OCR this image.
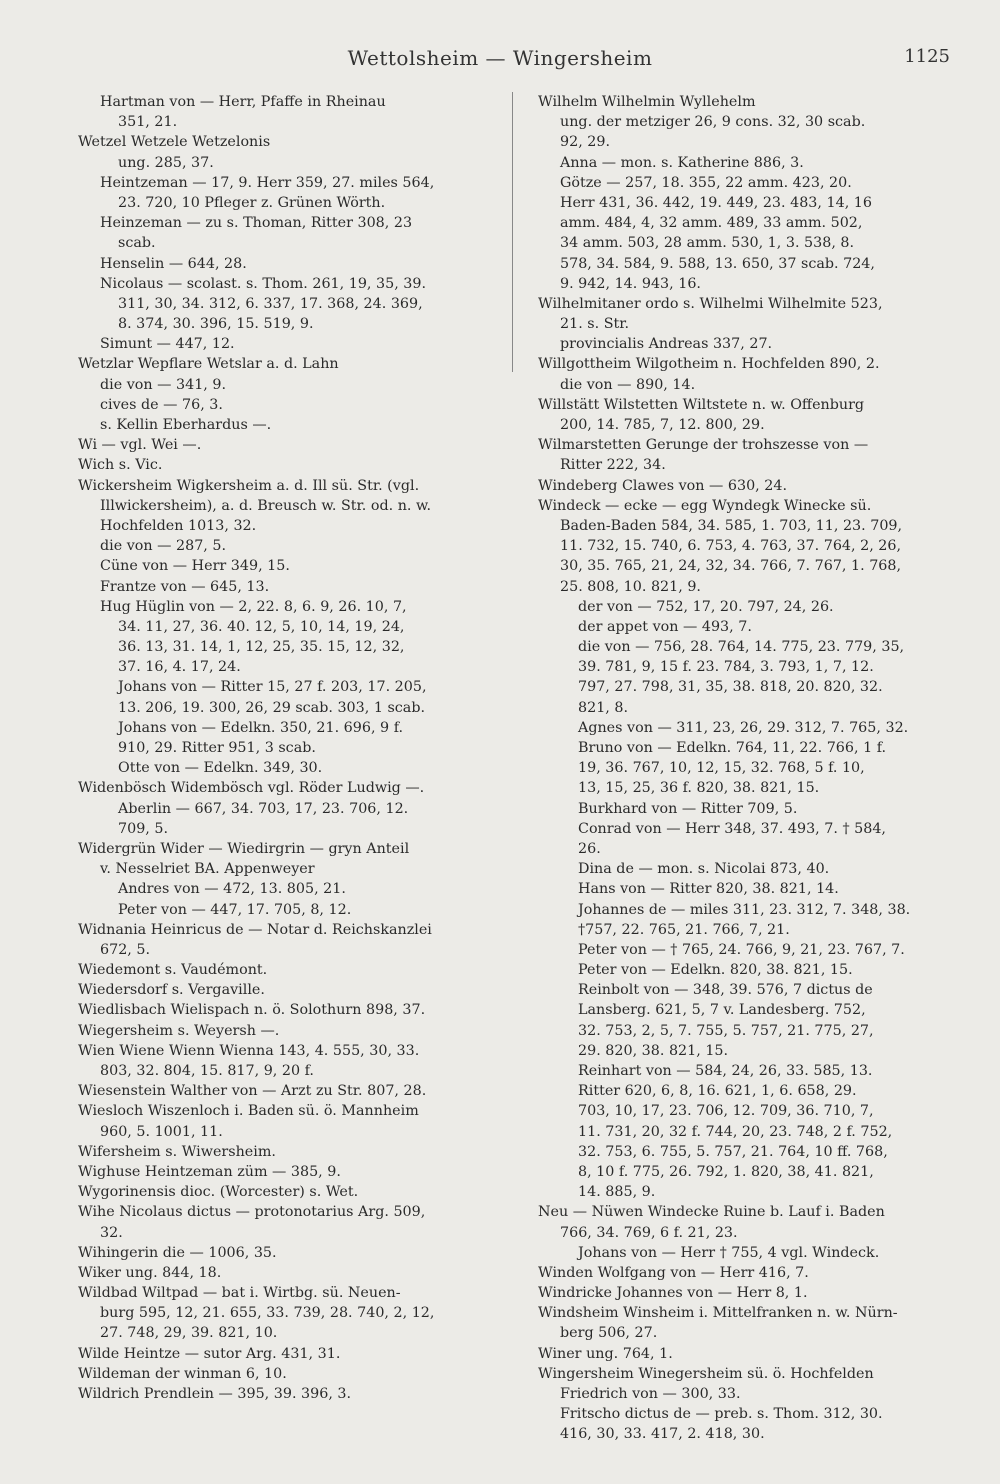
Wettolsheim — Wingersheim	1125
Hartman von — Herr, Pfaffe in Rheinau
351, 21.
Wetzel Wetzele Wetzelonis
ung. 285, 37.
Heintzeman — 17, 9. Herr 359, 27. miles 564,
23. 720, 10 Pfleger z. Grünen Wörth.
Heinzeman — zu s. Thoman, Ritter 308, 23
scab.
Henselin — 644, 28.
Nicolaus — scolast. s. Thom. 261, 19, 35, 39.
311, 30, 34. 312, 6. 337, 17. 368, 24. 369,
8. 374, 30. 396, 15. 519, 9.
Simunt — 447, 12.
Wetzlar Wepflare Wetslar a. d. Lahn
die von — 341, 9.
cives de — 76, 3.
s. Kellin Eberhardus —.
Wi — vgl. Wei —.
Wich s. Vic.
Wickersheim Wigkersheim a. d. Ill sü. Str. (vgl.
Illwickersheim), a. d. Breusch w. Str. od. n. w.
Hochfelden 1013, 32.
die von — 287, 5.
Cüne von — Herr 349, 15.
Frantze von — 645, 13.
Hug Hüglin von — 2, 22. 8, 6. 9, 26. 10, 7,
34. 11, 27, 36. 40. 12, 5, 10, 14, 19, 24,
36. 13, 31. 14, 1, 12, 25, 35. 15, 12, 32,
37. 16, 4. 17, 24.
Johans von — Ritter 15, 27 f. 203, 17. 205,
13. 206, 19. 300, 26, 29 scab. 303, 1 scab.
Johans von — Edelkn. 350, 21. 696, 9 f.
910, 29. Ritter 951, 3 scab.
Otte von — Edelkn. 349, 30.
Widenbösch Widembösch vgl. Röder Ludwig —.
Aberlin — 667, 34. 703, 17, 23. 706, 12.
709, 5.
Widergrün Wider — Wiedirgrin — gryn Anteil
v. Nesselriet BA. Appenweyer
Andres von — 472, 13. 805, 21.
Peter von — 447, 17. 705, 8, 12.
Widnania Heinricus de — Notar d. Reichskanzlei
672, 5.
Wiedemont s. Vaudémont.
Wiedersdorf s. Vergaville.
Wiedlisbach Wielispach n. ö. Solothurn 898, 37.
Wiegersheim s. Weyersh —.
Wien Wiene Wienn Wienna 143, 4. 555, 30, 33.
803, 32. 804, 15. 817, 9, 20 f.
Wiesenstein Walther von — Arzt zu Str. 807, 28.
Wiesloch Wiszenloch i. Baden sü. ö. Mannheim
960, 5. 1001, 11.
Wifersheim s. Wiwersheim.
Wighuse Heintzeman züm — 385, 9.
Wygorinensis dioc. (Worcester) s. Wet.
Wihe Nicolaus dictus — protonotarius Arg. 509,
32.
Wihingerin die — 1006, 35.
Wiker ung. 844, 18.
Wildbad Wiltpad — bat i. Wirtbg. sü. Neuen-
burg 595, 12, 21. 655, 33. 739, 28. 740, 2, 12,
27. 748, 29, 39. 821, 10.
Wilde Heintze — sutor Arg. 431, 31.
Wildeman der winman 6, 10.
Wildrich Prendlein — 395, 39. 396, 3.
Wilhelm Wilhelmin Wyllehelm
ung. der metziger 26, 9 cons. 32, 30 scab.
92, 29.
Anna — mon. s. Katherine 886, 3.
Götze — 257, 18. 355, 22 amm. 423, 20.
Herr 431, 36. 442, 19. 449, 23. 483, 14, 16
amm. 484, 4, 32 amm. 489, 33 amm. 502,
34 amm. 503, 28 amm. 530, 1, 3. 538, 8.
578, 34. 584, 9. 588, 13. 650, 37 scab. 724,
9. 942, 14. 943, 16.
Wilhelmitaner ordo s. Wilhelmi Wilhelmite 523,
21. s. Str.
provincialis Andreas 337, 27.
Willgottheim Wilgotheim n. Hochfelden 890, 2.
die von — 890, 14.
Willstätt Wilstetten Wiltstete n. w. Offenburg
200, 14. 785, 7, 12. 800, 29.
Wilmarstetten Gerunge der trohszesse von —
Ritter 222, 34.
Windeberg Clawes von — 630, 24.
Windeck — ecke — egg Wyndegk Winecke sü.
Baden-Baden 584, 34. 585, 1. 703, 11, 23. 709,
11. 732, 15. 740, 6. 753, 4. 763, 37. 764, 2, 26,
30, 35. 765, 21, 24, 32, 34. 766, 7. 767, 1. 768,
25. 808, 10. 821, 9.
der von — 752, 17, 20. 797, 24, 26.
der appet von — 493, 7.
die von — 756, 28. 764, 14. 775, 23. 779, 35,
39. 781, 9, 15 f. 23. 784, 3. 793, 1, 7, 12.
797, 27. 798, 31, 35, 38. 818, 20. 820, 32.
821, 8.
Agnes von — 311, 23, 26, 29. 312, 7. 765, 32.
Bruno von — Edelkn. 764, 11, 22. 766, 1 f.
19, 36. 767, 10, 12, 15, 32. 768, 5 f. 10,
13, 15, 25, 36 f. 820, 38. 821, 15.
Burkhard von — Ritter 709, 5.
Conrad von — Herr 348, 37. 493, 7. † 584,
26.
Dina de — mon. s. Nicolai 873, 40.
Hans von — Ritter 820, 38. 821, 14.
Johannes de — miles 311, 23. 312, 7. 348, 38.
†757, 22. 765, 21. 766, 7, 21.
Peter von — † 765, 24. 766, 9, 21, 23. 767, 7.
Peter von — Edelkn. 820, 38. 821, 15.
Reinbolt von — 348, 39. 576, 7 dictus de
Lansberg. 621, 5, 7 v. Landesberg. 752,
32. 753, 2, 5, 7. 755, 5. 757, 21. 775, 27,
29. 820, 38. 821, 15.
Reinhart von — 584, 24, 26, 33. 585, 13.
Ritter 620, 6, 8, 16. 621, 1, 6. 658, 29.
703, 10, 17, 23. 706, 12. 709, 36. 710, 7,
11. 731, 20, 32 f. 744, 20, 23. 748, 2 f. 752,
32. 753, 6. 755, 5. 757, 21. 764, 10 ff. 768,
8, 10 f. 775, 26. 792, 1. 820, 38, 41. 821,
14. 885, 9.
Neu — Nüwen Windecke Ruine b. Lauf i. Baden
766, 34. 769, 6 f. 21, 23.
Johans von — Herr † 755, 4 vgl. Windeck.
Winden Wolfgang von — Herr 416, 7.
Windricke Johannes von — Herr 8, 1.
Windsheim Winsheim i. Mittelfranken n. w. Nürn-
berg 506, 27.
Winer ung. 764, 1.
Wingersheim Winegersheim sü. ö. Hochfelden
Friedrich von — 300, 33.
Fritscho dictus de — preb. s. Thom. 312, 30.
416, 30, 33. 417, 2. 418, 30.
